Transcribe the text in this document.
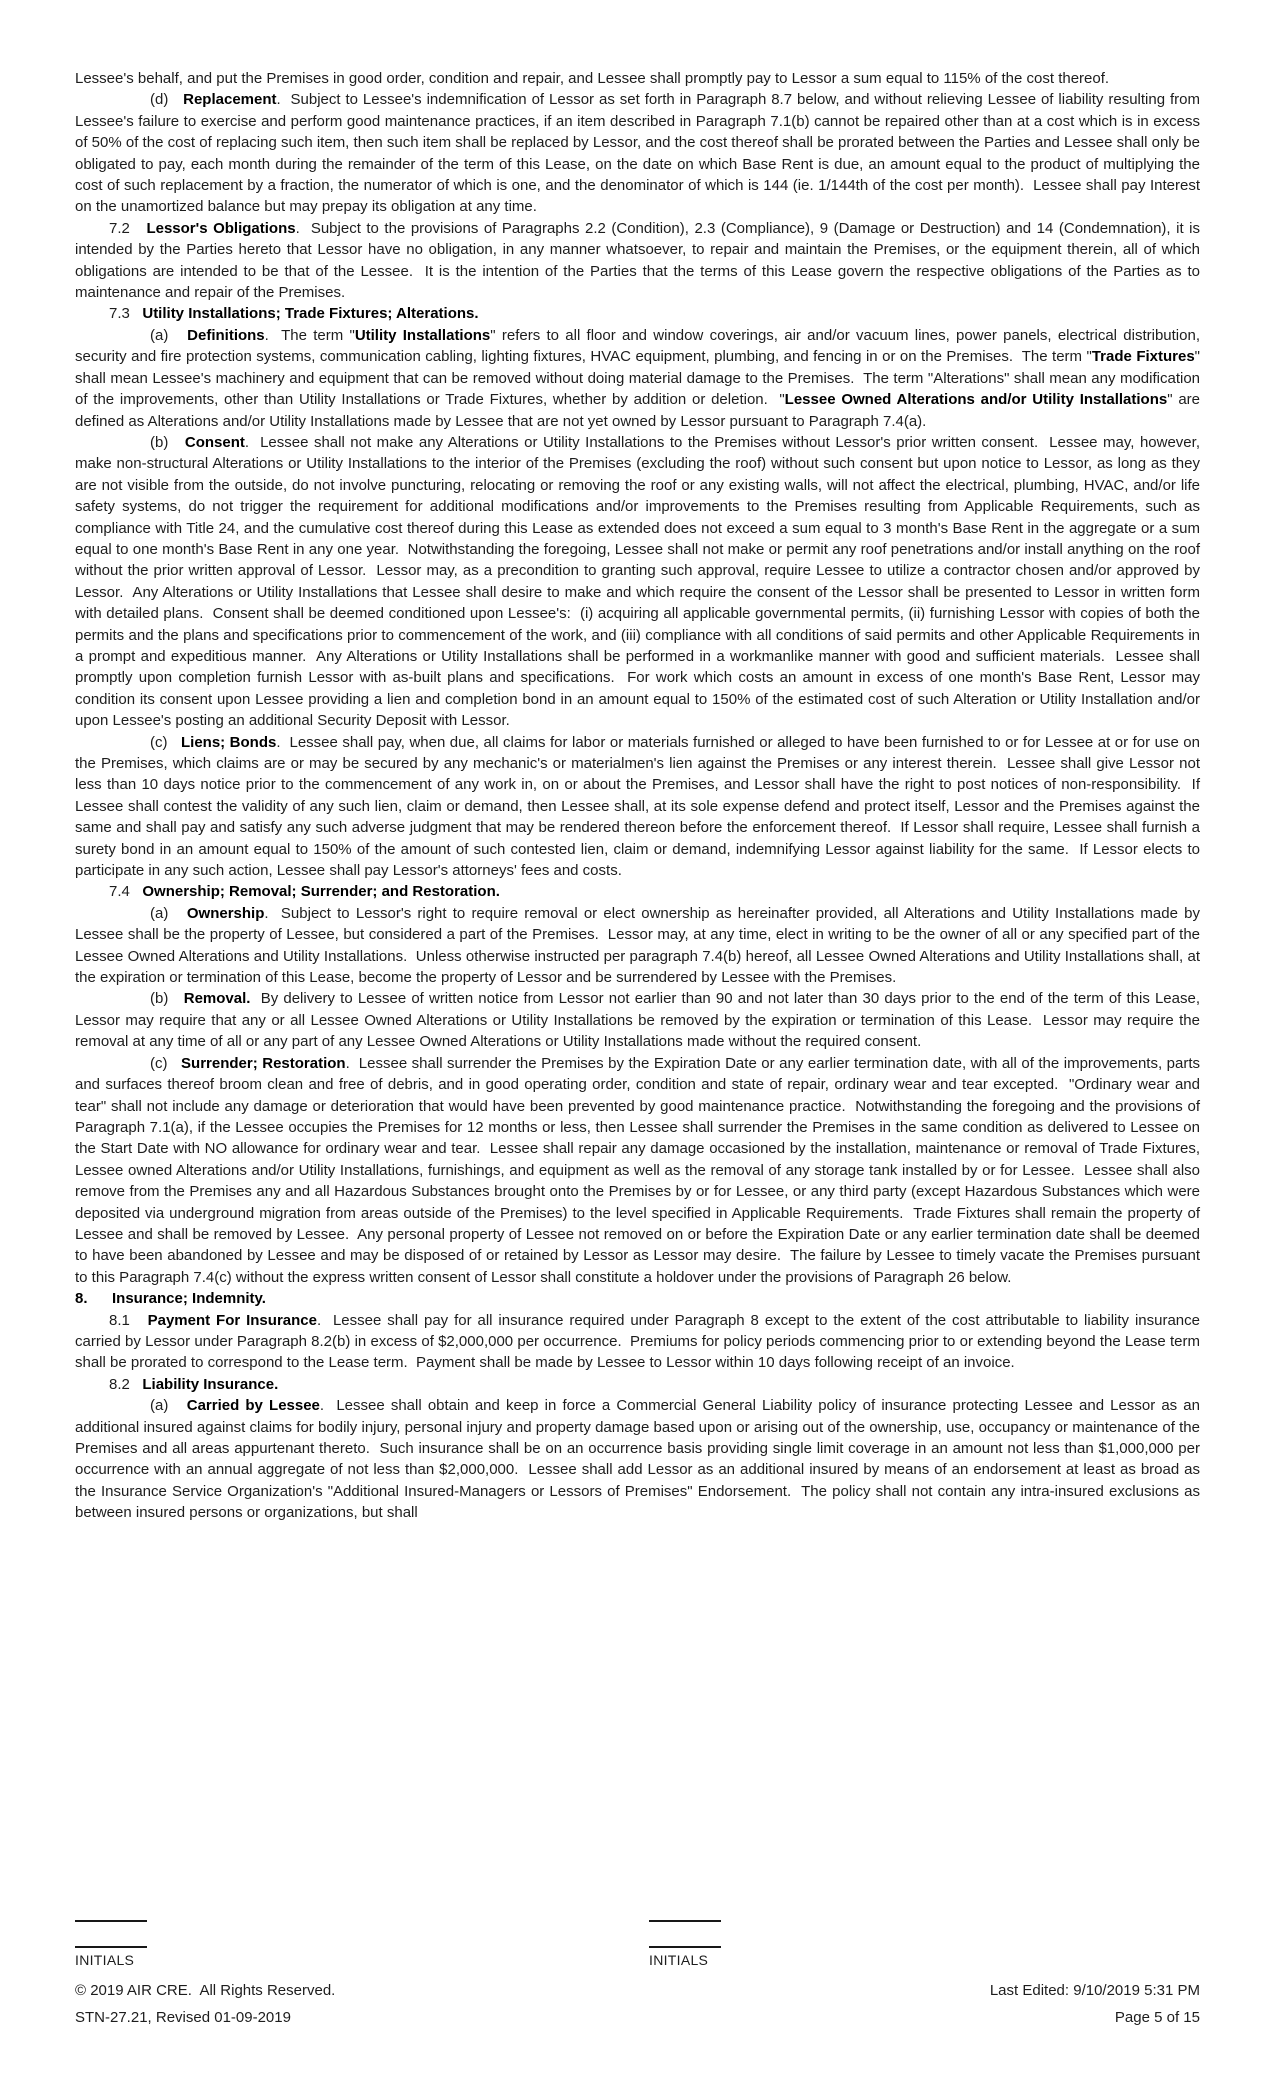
Lessee's behalf, and put the Premises in good order, condition and repair, and Lessee shall promptly pay to Lessor a sum equal to 115% of the cost thereof.

(d)   Replacement.  Subject to Lessee's indemnification of Lessor as set forth in Paragraph 8.7 below, and without relieving Lessee of liability resulting from Lessee's failure to exercise and perform good maintenance practices, if an item described in Paragraph 7.1(b) cannot be repaired other than at a cost which is in excess of 50% of the cost of replacing such item, then such item shall be replaced by Lessor, and the cost thereof shall be prorated between the Parties and Lessee shall only be obligated to pay, each month during the remainder of the term of this Lease, on the date on which Base Rent is due, an amount equal to the product of multiplying the cost of such replacement by a fraction, the numerator of which is one, and the denominator of which is 144 (ie. 1/144th of the cost per month).  Lessee shall pay Interest on the unamortized balance but may prepay its obligation at any time.

7.2   Lessor's Obligations.  Subject to the provisions of Paragraphs 2.2 (Condition), 2.3 (Compliance), 9 (Damage or Destruction) and 14 (Condemnation), it is intended by the Parties hereto that Lessor have no obligation, in any manner whatsoever, to repair and maintain the Premises, or the equipment therein, all of which obligations are intended to be that of the Lessee.  It is the intention of the Parties that the terms of this Lease govern the respective obligations of the Parties as to maintenance and repair of the Premises.

7.3   Utility Installations; Trade Fixtures; Alterations.

(a)   Definitions.  The term "Utility Installations" refers to all floor and window coverings, air and/or vacuum lines, power panels, electrical distribution, security and fire protection systems, communication cabling, lighting fixtures, HVAC equipment, plumbing, and fencing in or on the Premises.  The term "Trade Fixtures" shall mean Lessee's machinery and equipment that can be removed without doing material damage to the Premises.  The term "Alterations" shall mean any modification of the improvements, other than Utility Installations or Trade Fixtures, whether by addition or deletion.  "Lessee Owned Alterations and/or Utility Installations" are defined as Alterations and/or Utility Installations made by Lessee that are not yet owned by Lessor pursuant to Paragraph 7.4(a).

(b)   Consent.  Lessee shall not make any Alterations or Utility Installations to the Premises without Lessor's prior written consent.  Lessee may, however, make non-structural Alterations or Utility Installations to the interior of the Premises (excluding the roof) without such consent but upon notice to Lessor, as long as they are not visible from the outside, do not involve puncturing, relocating or removing the roof or any existing walls, will not affect the electrical, plumbing, HVAC, and/or life safety systems, do not trigger the requirement for additional modifications and/or improvements to the Premises resulting from Applicable Requirements, such as compliance with Title 24, and the cumulative cost thereof during this Lease as extended does not exceed a sum equal to 3 month's Base Rent in the aggregate or a sum equal to one month's Base Rent in any one year.  Notwithstanding the foregoing, Lessee shall not make or permit any roof penetrations and/or install anything on the roof without the prior written approval of Lessor.  Lessor may, as a precondition to granting such approval, require Lessee to utilize a contractor chosen and/or approved by Lessor.  Any Alterations or Utility Installations that Lessee shall desire to make and which require the consent of the Lessor shall be presented to Lessor in written form with detailed plans.  Consent shall be deemed conditioned upon Lessee's:  (i) acquiring all applicable governmental permits, (ii) furnishing Lessor with copies of both the permits and the plans and specifications prior to commencement of the work, and (iii) compliance with all conditions of said permits and other Applicable Requirements in a prompt and expeditious manner.  Any Alterations or Utility Installations shall be performed in a workmanlike manner with good and sufficient materials.  Lessee shall promptly upon completion furnish Lessor with as-built plans and specifications.  For work which costs an amount in excess of one month's Base Rent, Lessor may condition its consent upon Lessee providing a lien and completion bond in an amount equal to 150% of the estimated cost of such Alteration or Utility Installation and/or upon Lessee's posting an additional Security Deposit with Lessor.

(c)   Liens; Bonds.  Lessee shall pay, when due, all claims for labor or materials furnished or alleged to have been furnished to or for Lessee at or for use on the Premises, which claims are or may be secured by any mechanic's or materialmen's lien against the Premises or any interest therein.  Lessee shall give Lessor not less than 10 days notice prior to the commencement of any work in, on or about the Premises, and Lessor shall have the right to post notices of non-responsibility.  If Lessee shall contest the validity of any such lien, claim or demand, then Lessee shall, at its sole expense defend and protect itself, Lessor and the Premises against the same and shall pay and satisfy any such adverse judgment that may be rendered thereon before the enforcement thereof.  If Lessor shall require, Lessee shall furnish a surety bond in an amount equal to 150% of the amount of such contested lien, claim or demand, indemnifying Lessor against liability for the same.  If Lessor elects to participate in any such action, Lessee shall pay Lessor's attorneys' fees and costs.

7.4   Ownership; Removal; Surrender; and Restoration.

(a)   Ownership.  Subject to Lessor's right to require removal or elect ownership as hereinafter provided, all Alterations and Utility Installations made by Lessee shall be the property of Lessee, but considered a part of the Premises.  Lessor may, at any time, elect in writing to be the owner of all or any specified part of the Lessee Owned Alterations and Utility Installations.  Unless otherwise instructed per paragraph 7.4(b) hereof, all Lessee Owned Alterations and Utility Installations shall, at the expiration or termination of this Lease, become the property of Lessor and be surrendered by Lessee with the Premises.

(b)   Removal.  By delivery to Lessee of written notice from Lessor not earlier than 90 and not later than 30 days prior to the end of the term of this Lease, Lessor may require that any or all Lessee Owned Alterations or Utility Installations be removed by the expiration or termination of this Lease.  Lessor may require the removal at any time of all or any part of any Lessee Owned Alterations or Utility Installations made without the required consent.

(c)   Surrender; Restoration.  Lessee shall surrender the Premises by the Expiration Date or any earlier termination date, with all of the improvements, parts and surfaces thereof broom clean and free of debris, and in good operating order, condition and state of repair, ordinary wear and tear excepted.  "Ordinary wear and tear" shall not include any damage or deterioration that would have been prevented by good maintenance practice.  Notwithstanding the foregoing and the provisions of Paragraph 7.1(a), if the Lessee occupies the Premises for 12 months or less, then Lessee shall surrender the Premises in the same condition as delivered to Lessee on the Start Date with NO allowance for ordinary wear and tear.  Lessee shall repair any damage occasioned by the installation, maintenance or removal of Trade Fixtures, Lessee owned Alterations and/or Utility Installations, furnishings, and equipment as well as the removal of any storage tank installed by or for Lessee.  Lessee shall also remove from the Premises any and all Hazardous Substances brought onto the Premises by or for Lessee, or any third party (except Hazardous Substances which were deposited via underground migration from areas outside of the Premises) to the level specified in Applicable Requirements.  Trade Fixtures shall remain the property of Lessee and shall be removed by Lessee.  Any personal property of Lessee not removed on or before the Expiration Date or any earlier termination date shall be deemed to have been abandoned by Lessee and may be disposed of or retained by Lessor as Lessor may desire.  The failure by Lessee to timely vacate the Premises pursuant to this Paragraph 7.4(c) without the express written consent of Lessor shall constitute a holdover under the provisions of Paragraph 26 below.

8. Insurance; Indemnity.

8.1   Payment For Insurance.  Lessee shall pay for all insurance required under Paragraph 8 except to the extent of the cost attributable to liability insurance carried by Lessor under Paragraph 8.2(b) in excess of $2,000,000 per occurrence.  Premiums for policy periods commencing prior to or extending beyond the Lease term shall be prorated to correspond to the Lease term.  Payment shall be made by Lessee to Lessor within 10 days following receipt of an invoice.

8.2   Liability Insurance.

(a)   Carried by Lessee.  Lessee shall obtain and keep in force a Commercial General Liability policy of insurance protecting Lessee and Lessor as an additional insured against claims for bodily injury, personal injury and property damage based upon or arising out of the ownership, use, occupancy or maintenance of the Premises and all areas appurtenant thereto.  Such insurance shall be on an occurrence basis providing single limit coverage in an amount not less than $1,000,000 per occurrence with an annual aggregate of not less than $2,000,000.  Lessee shall add Lessor as an additional insured by means of an endorsement at least as broad as the Insurance Service Organization's "Additional Insured-Managers or Lessors of Premises" Endorsement.  The policy shall not contain any intra-insured exclusions as between insured persons or organizations, but shall

INITIALS	INITIALS
© 2019 AIR CRE.  All Rights Reserved.	Last Edited: 9/10/2019 5:31 PM
STN-27.21, Revised 01-09-2019	Page 5 of 15
